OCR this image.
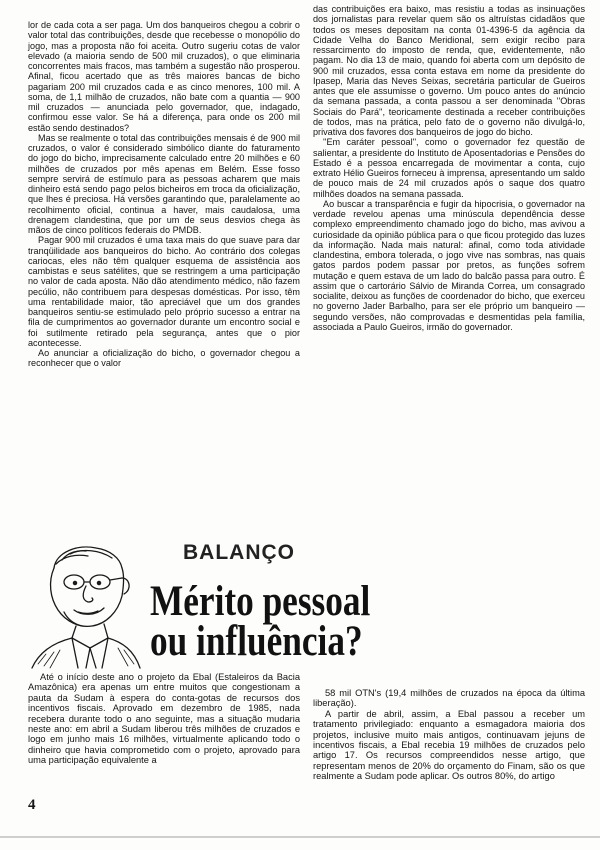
lor de cada cota a ser paga. Um dos banqueiros chegou a cobrir o valor total das contribuições, desde que recebesse o monopólio do jogo, mas a proposta não foi aceita. Outro sugeriu cotas de valor elevado (a maioria sendo de 500 mil cruzados), o que eliminaria concorrentes mais fracos, mas também a sugestão não prosperou. Afinal, ficou acertado que as três maiores bancas de bicho pagariam 200 mil cruzados cada e as cinco menores, 100 mil. A soma, de 1,1 milhão de cruzados, não bate com a quantia — 900 mil cruzados — anunciada pelo governador, que, indagado, confirmou esse valor. Se há a diferença, para onde os 200 mil estão sendo destinados?

Mas se realmente o total das contribuições mensais é de 900 mil cruzados, o valor é considerado simbólico diante do faturamento do jogo do bicho, imprecisamente calculado entre 20 milhões e 60 milhões de cruzados por mês apenas em Belém. Esse fosso sempre servirá de estímulo para as pessoas acharem que mais dinheiro está sendo pago pelos bicheiros em troca da oficialização, que lhes é preciosa. Há versões garantindo que, paralelamente ao recolhimento oficial, continua a haver, mais caudalosa, uma drenagem clandestina, que por um de seus desvios chega às mãos de cinco políticos federais do PMDB.

Pagar 900 mil cruzados é uma taxa mais do que suave para dar tranqüilidade aos banqueiros do bicho. Ao contrário dos colegas cariocas, eles não têm qualquer esquema de assistência aos cambistas e seus satélites, que se restringem a uma participação no valor de cada aposta. Não dão atendimento médico, não fazem pecúlio, não contribuem para despesas domésticas. Por isso, têm uma rentabilidade maior, tão apreciável que um dos grandes banqueiros sentiu-se estimulado pelo próprio sucesso a entrar na fila de cumprimentos ao governador durante um encontro social e foi sutilmente retirado pela segurança, antes que o pior acontecesse.

Ao anunciar a oficialização do bicho, o governador chegou a reconhecer que o valor

das contribuições era baixo, mas resistiu a todas as insinuações dos jornalistas para revelar quem são os altruístas cidadãos que todos os meses depositam na conta 01-4396-5 da agência da Cidade Velha do Banco Meridional, sem exigir recibo para ressarcimento do imposto de renda, que, evidentemente, não pagam. No dia 13 de maio, quando foi aberta com um depósito de 900 mil cruzados, essa conta estava em nome da presidente do Ipasep, Maria das Neves Seixas, secretária particular de Gueiros antes que ele assumisse o governo. Um pouco antes do anúncio da semana passada, a conta passou a ser denominada ''Obras Sociais do Pará'', teoricamente destinada a receber contribuições de todos, mas na prática, pelo fato de o governo não divulgá-lo, privativa dos favores dos banqueiros de jogo do bicho.

''Em caráter pessoal'', como o governador fez questão de salientar, a presidente do Instituto de Aposentadorias e Pensões do Estado é a pessoa encarregada de movimentar a conta, cujo extrato Hélio Gueiros forneceu à imprensa, apresentando um saldo de pouco mais de 24 mil cruzados após o saque dos quatro milhões doados na semana passada.

Ao buscar a transparência e fugir da hipocrisia, o governador na verdade revelou apenas uma minúscula dependência desse complexo empreendimento chamado jogo do bicho, mas avivou a curiosidade da opinião pública para o que ficou protegido das luzes da informação. Nada mais natural: afinal, como toda atividade clandestina, embora tolerada, o jogo vive nas sombras, nas quais gatos pardos podem passar por pretos, as funções sofrem mutação e quem estava de um lado do balcão passa para outro. É assim que o cartorário Sálvio de Miranda Correa, um consagrado socialite, deixou as funções de coordenador do bicho, que exerceu no governo Jader Barbalho, para ser ele próprio um banqueiro — segundo versões, não comprovadas e desmentidas pela família, associada a Paulo Gueiros, irmão do governador.

BALANÇO
Mérito pessoal
ou influência?

Até o início deste ano o projeto da Ebal (Estaleiros da Bacia Amazônica) era apenas um entre muitos que congestionam a pauta da Sudam à espera do conta-gotas de recursos dos incentivos fiscais. Aprovado em dezembro de 1985, nada recebera durante todo o ano seguinte, mas a situação mudaria neste ano: em abril a Sudam liberou três milhões de cruzados e logo em junho mais 16 milhões, virtualmente aplicando todo o dinheiro que havia comprometido com o projeto, aprovado para uma participação equivalente a

58 mil OTN's (19,4 milhões de cruzados na época da última liberação).

A partir de abril, assim, a Ebal passou a receber um tratamento privilegiado: enquanto a esmagadora maioria dos projetos, inclusive muito mais antigos, continuavam jejuns de incentivos fiscais, a Ebal recebia 19 milhões de cruzados pelo artigo 17. Os recursos compreendidos nesse artigo, que representam menos de 20% do orçamento do Finam, são os que realmente a Sudam pode aplicar. Os outros 80%, do artigo

4
